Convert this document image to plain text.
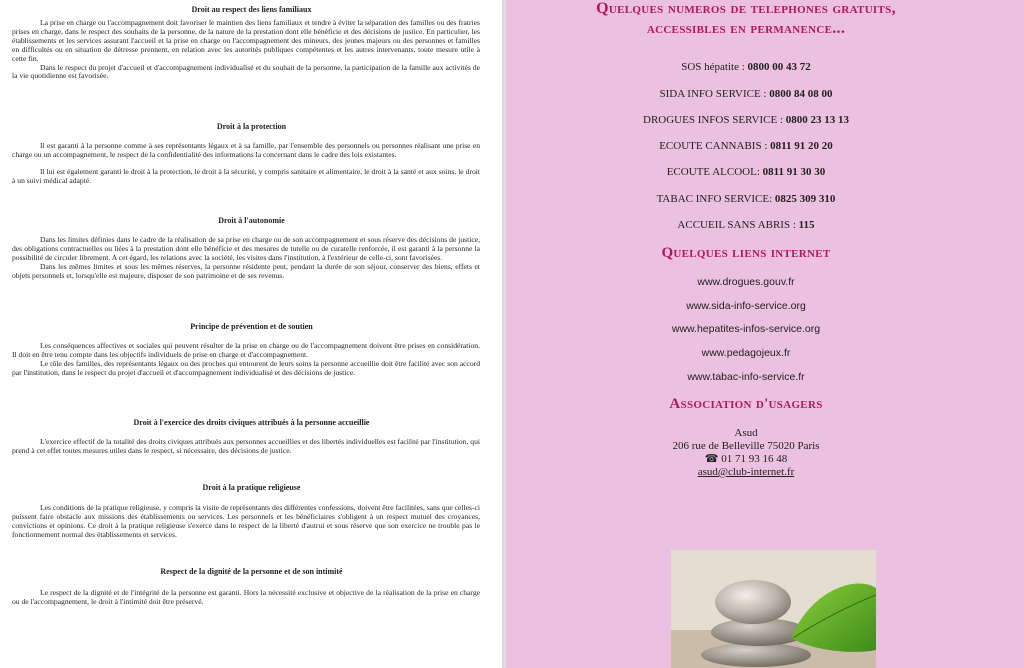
Droit au respect des liens familiaux

La prise en charge ou l'accompagnement doit favoriser le maintien des liens familiaux et tendre à éviter la séparation des familles ou des fratries prises en charge, dans le respect des souhaits de la personne, de la nature de la prestation dont elle bénéficie et des décisions de justice. En particulier, les établissements et les services assurant l'accueil et la prise en charge ou l'accompagnement des mineurs, des jeunes majeurs ou des personnes et familles en difficultés ou en situation de détresse prennent, en relation avec les autorités publiques compétentes et les autres intervenants, toute mesure utile à cette fin.

Dans le respect du projet d'accueil et d'accompagnement individualisé et du souhait de la personne, la participation de la famille aux activités de la vie quotidienne est favorisée.

Droit à la protection

Il est garanti à la personne comme à ses représentants légaux et à sa famille, par l'ensemble des personnels ou personnes réalisant une prise en charge ou un accompagnement, le respect de la confidentialité des informations la concernant dans le cadre des lois existantes.

Il lui est également garanti le droit à la protection, le droit à la sécurité, y compris sanitaire et alimentaire, le droit à la santé et aux soins, le droit à un suivi médical adapté.

Droit à l'autonomie

Dans les limites définies dans le cadre de la réalisation de sa prise en charge ou de son accompagnement et sous réserve des décisions de justice, des obligations contractuelles ou liées à la prestation dont elle bénéficie et des mesures de tutelle ou de curatelle renforcée, il est garanti à la personne la possibilité de circuler librement. A cet égard, les relations avec la société, les visites dans l'institution, à l'extérieur de celle-ci, sont favorisées.

Dans les mêmes limites et sous les mêmes réserves, la personne résidente peut, pendant la durée de son séjour, conserver des biens, effets et objets personnels et, lorsqu'elle est majeure, disposer de son patrimoine et de ses revenus.

Principe de prévention et de soutien

Les conséquences affectives et sociales qui peuvent résulter de la prise en charge ou de l'accompagnement doivent être prises en considération. Il doit en être tenu compte dans les objectifs individuels de prise en charge et d'accompagnement.

Le rôle des familles, des représentants légaux ou des proches qui entourent de leurs soins la personne accueillie doit être facilité avec son accord par l'institution, dans le respect du projet d'accueil et d'accompagnement individualisé et des décisions de justice.

Droit à l'exercice des droits civiques attribués à la personne accueillie

L'exercice effectif de la totalité des droits civiques attribués aux personnes accueillies et des libertés individuelles est facilité par l'institution, qui prend à cet effet toutes mesures utiles dans le respect, si nécessaire, des décisions de justice.

Droit à la pratique religieuse

Les conditions de la pratique religieuse, y compris la visite de représentants des différentes confessions, doivent être facilitées, sans que celles-ci puissent faire obstacle aux missions des établissements ou services. Les personnels et les bénéficiaires s'obligent à un respect mutuel des croyances, convictions et opinions. Ce droit à la pratique religieuse s'exerce dans le respect de la liberté d'autrui et sous réserve que son exercice ne trouble pas le fonctionnement normal des établissements et services.

Respect de la dignité de la personne et de son intimité

Le respect de la dignité et de l'intégrité de la personne est garanti. Hors la nécessité exclusive et objective de la réalisation de la prise en charge ou de l'accompagnement, le droit à l'intimité doit être préservé.

Quelques numeros de telephones gratuits,
accessibles en permanence...
SOS hépatite : 0800 00 43 72
SIDA INFO SERVICE : 0800 84 08 00
DROGUES INFOS SERVICE : 0800 23 13 13
ECOUTE CANNABIS : 0811 91 20 20
ECOUTE ALCOOL: 0811 91 30 30
TABAC INFO SERVICE: 0825 309 310
ACCUEIL SANS ABRIS : 115
Quelques liens internet
www.drogues.gouv.fr
www.sida-info-service.org
www.hepatites-infos-service.org
www.pedagojeux.fr
www.tabac-info-service.fr
Association d'usagers
Asud
206 rue de Belleville 75020 Paris
☎ 01 71 93 16 48
asud@club-internet.fr
